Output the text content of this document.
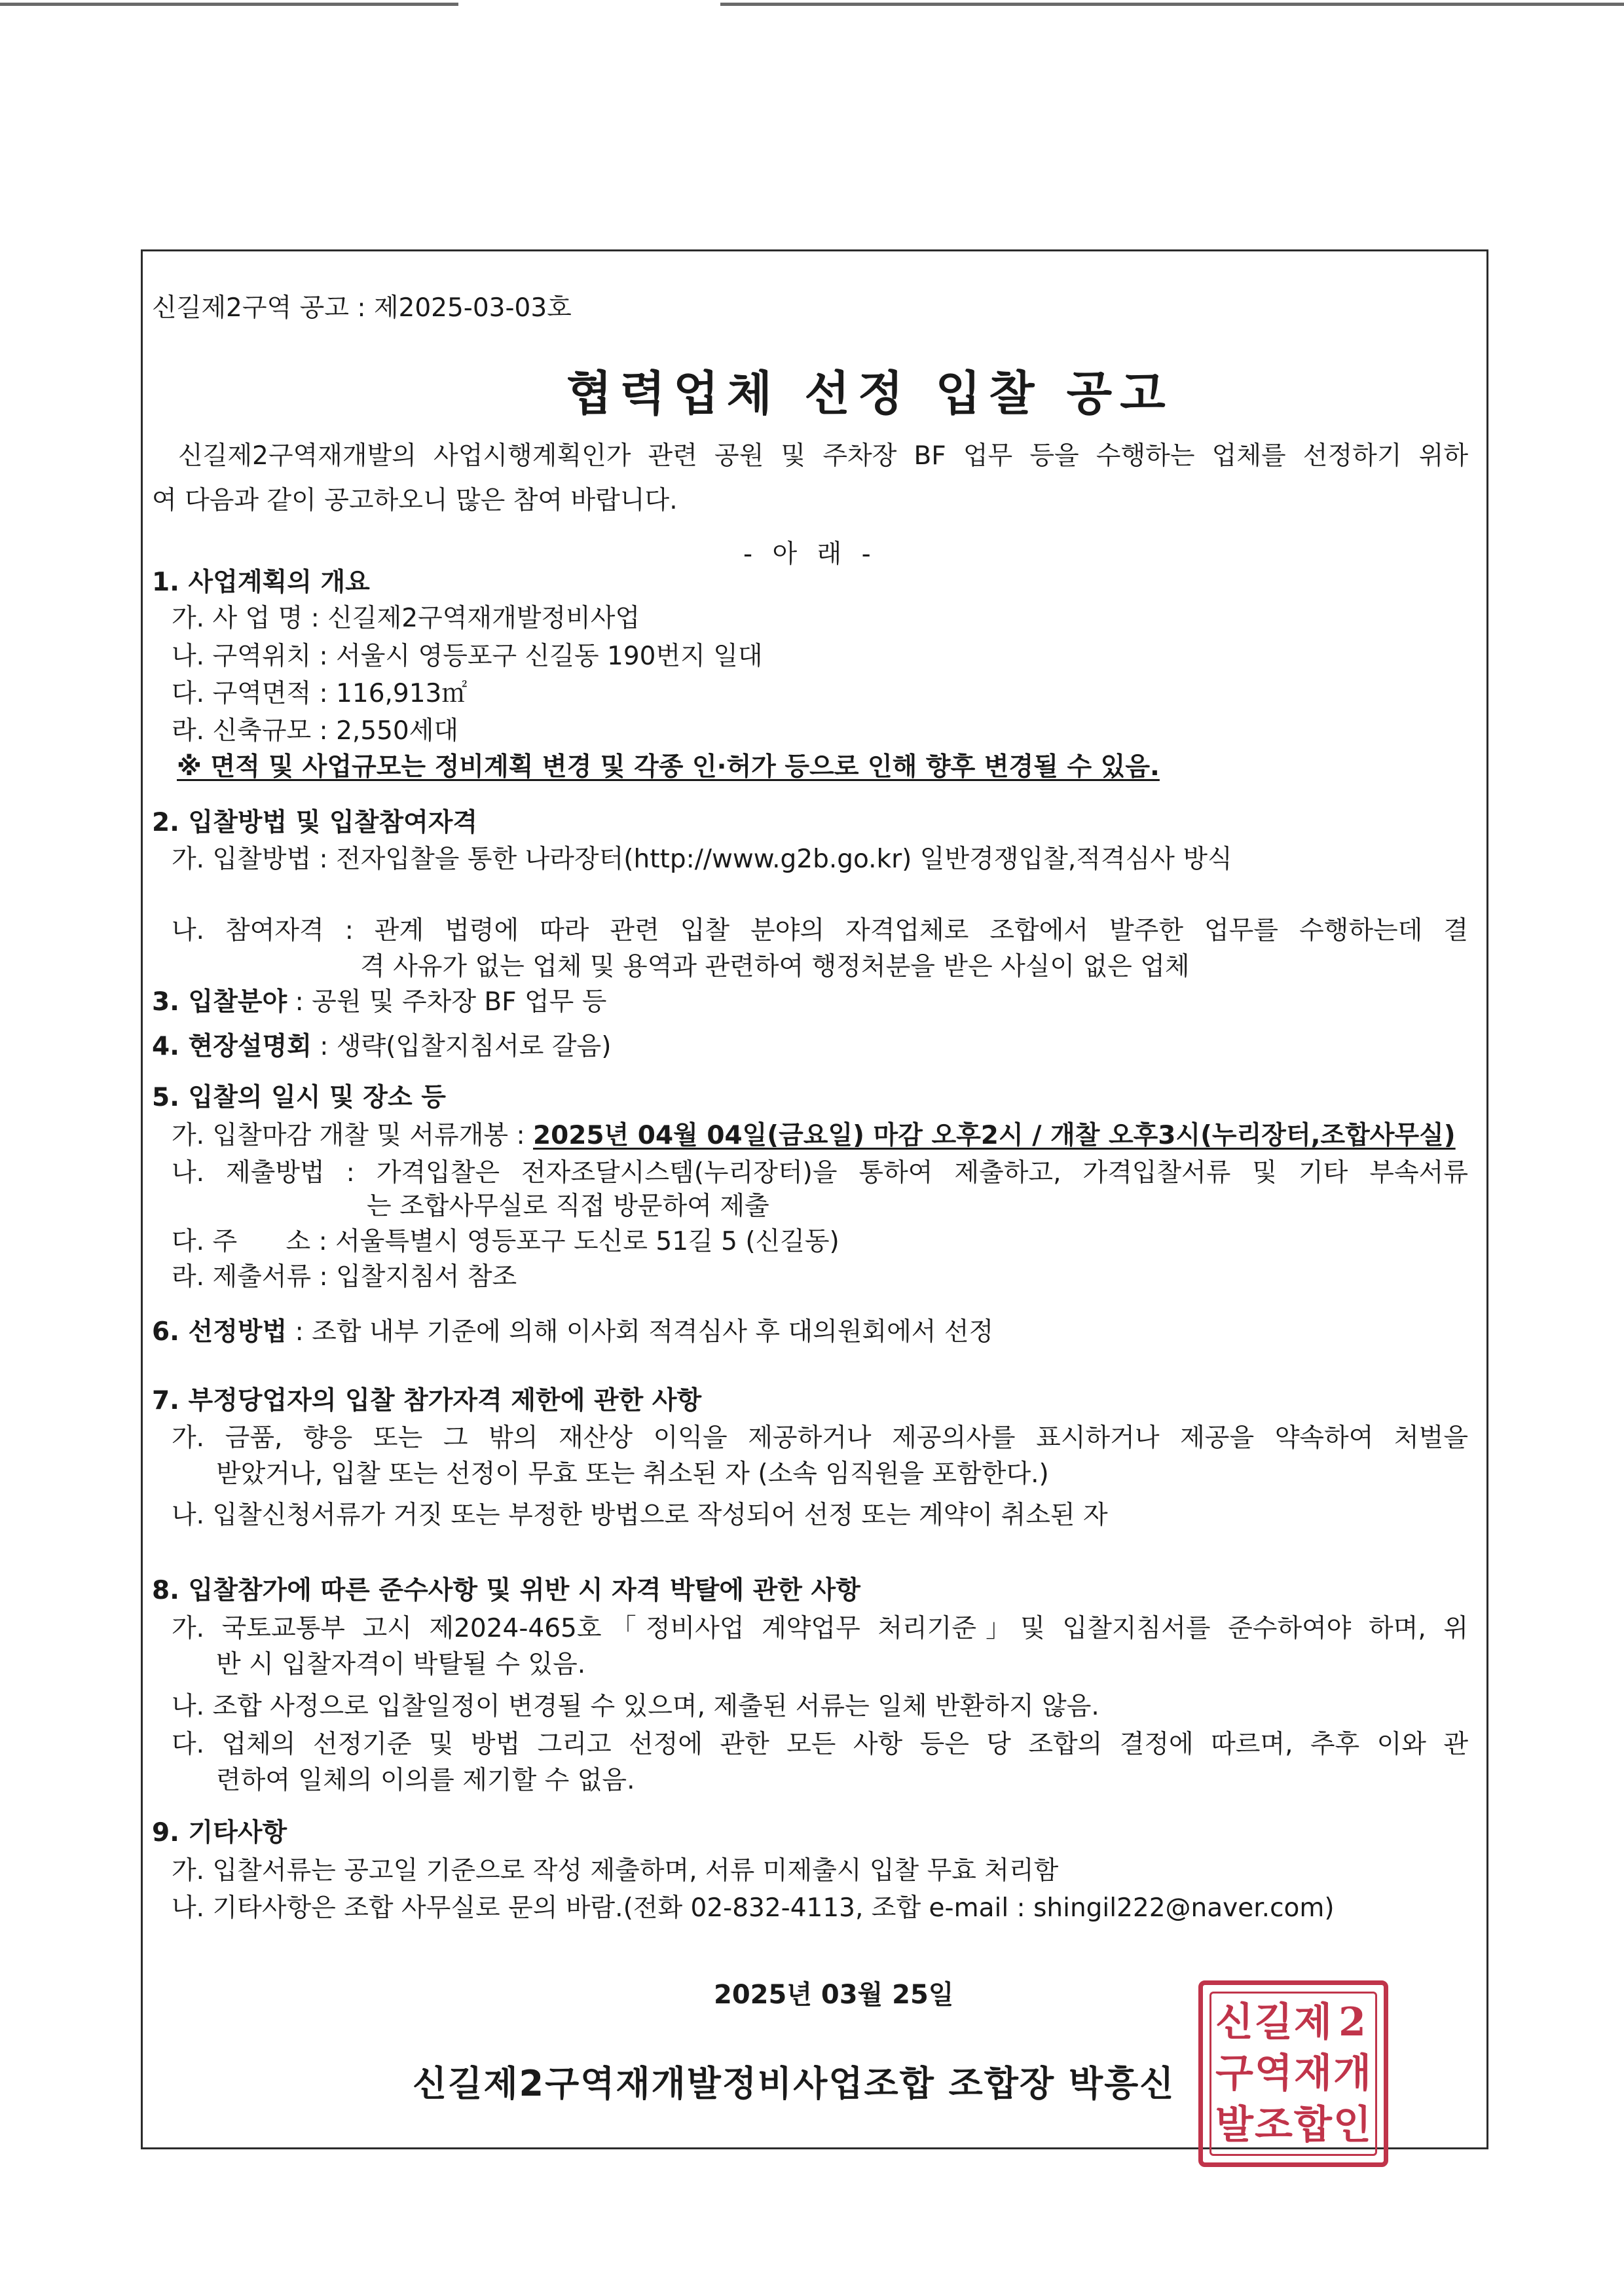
신길제2구역 공고 : 제2025-03-03호
협력업체 선정 입찰 공고
신길제2구역재개발의 사업시행계획인가 관련 공원 및 주차장 BF 업무 등을 수행하는 업체를 선정하기 위하
여 다음과 같이 공고하오니 많은 참여 바랍니다.
- 아 래 -
1. 사업계획의 개요
가. 사 업 명 : 신길제2구역재개발정비사업
나. 구역위치 : 서울시 영등포구 신길동 190번지 일대
다. 구역면적 : 116,913㎡
라. 신축규모 : 2,550세대
※ 면적 및 사업규모는 정비계획 변경 및 각종 인·허가 등으로 인해 향후 변경될 수 있음.
2. 입찰방법 및 입찰참여자격
가. 입찰방법 : 전자입찰을 통한 나라장터(http://www.g2b.go.kr) 일반경쟁입찰,적격심사 방식
나. 참여자격 : 관계 법령에 따라 관련 입찰 분야의 자격업체로 조합에서 발주한 업무를 수행하는데 결
격 사유가 없는 업체 및 용역과 관련하여 행정처분을 받은 사실이 없은 업체
3. 입찰분야 : 공원 및 주차장 BF 업무 등
4. 현장설명회 : 생략(입찰지침서로 갈음)
5. 입찰의 일시 및 장소 등
가. 입찰마감 개찰 및 서류개봉 : 2025년 04월 04일(금요일) 마감 오후2시 / 개찰 오후3시(누리장터,조합사무실)
나. 제출방법 : 가격입찰은 전자조달시스템(누리장터)을 통하여 제출하고, 가격입찰서류 및 기타 부속서류
는 조합사무실로 직접 방문하여 제출
다. 주      소 : 서울특별시 영등포구 도신로 51길 5 (신길동)
라. 제출서류 : 입찰지침서 참조
6. 선정방법 : 조합 내부 기준에 의해 이사회 적격심사 후 대의원회에서 선정
7. 부정당업자의 입찰 참가자격 제한에 관한 사항
가. 금품, 향응 또는 그 밖의 재산상 이익을 제공하거나 제공의사를 표시하거나 제공을 약속하여 처벌을
받았거나, 입찰 또는 선정이 무효 또는 취소된 자 (소속 임직원을 포함한다.)
나. 입찰신청서류가 거짓 또는 부정한 방법으로 작성되어 선정 또는 계약이 취소된 자
8. 입찰참가에 따른 준수사항 및 위반 시 자격 박탈에 관한 사항
가. 국토교통부 고시 제2024-465호「정비사업 계약업무 처리기준」및 입찰지침서를 준수하여야 하며, 위
반 시 입찰자격이 박탈될 수 있음.
나. 조합 사정으로 입찰일정이 변경될 수 있으며, 제출된 서류는 일체 반환하지 않음.
다. 업체의 선정기준 및 방법 그리고 선정에 관한 모든 사항 등은 당 조합의 결정에 따르며, 추후 이와 관
련하여 일체의 이의를 제기할 수 없음.
9. 기타사항
가. 입찰서류는 공고일 기준으로 작성 제출하며, 서류 미제출시 입찰 무효 처리함
나. 기타사항은 조합 사무실로 문의 바람.(전화 02-832-4113, 조합 e-mail : shingil222@naver.com)
2025년 03월 25일
신길제2구역재개발정비사업조합 조합장 박흥신
신 길 제 2
구 역 재 개
발 조 합 인
